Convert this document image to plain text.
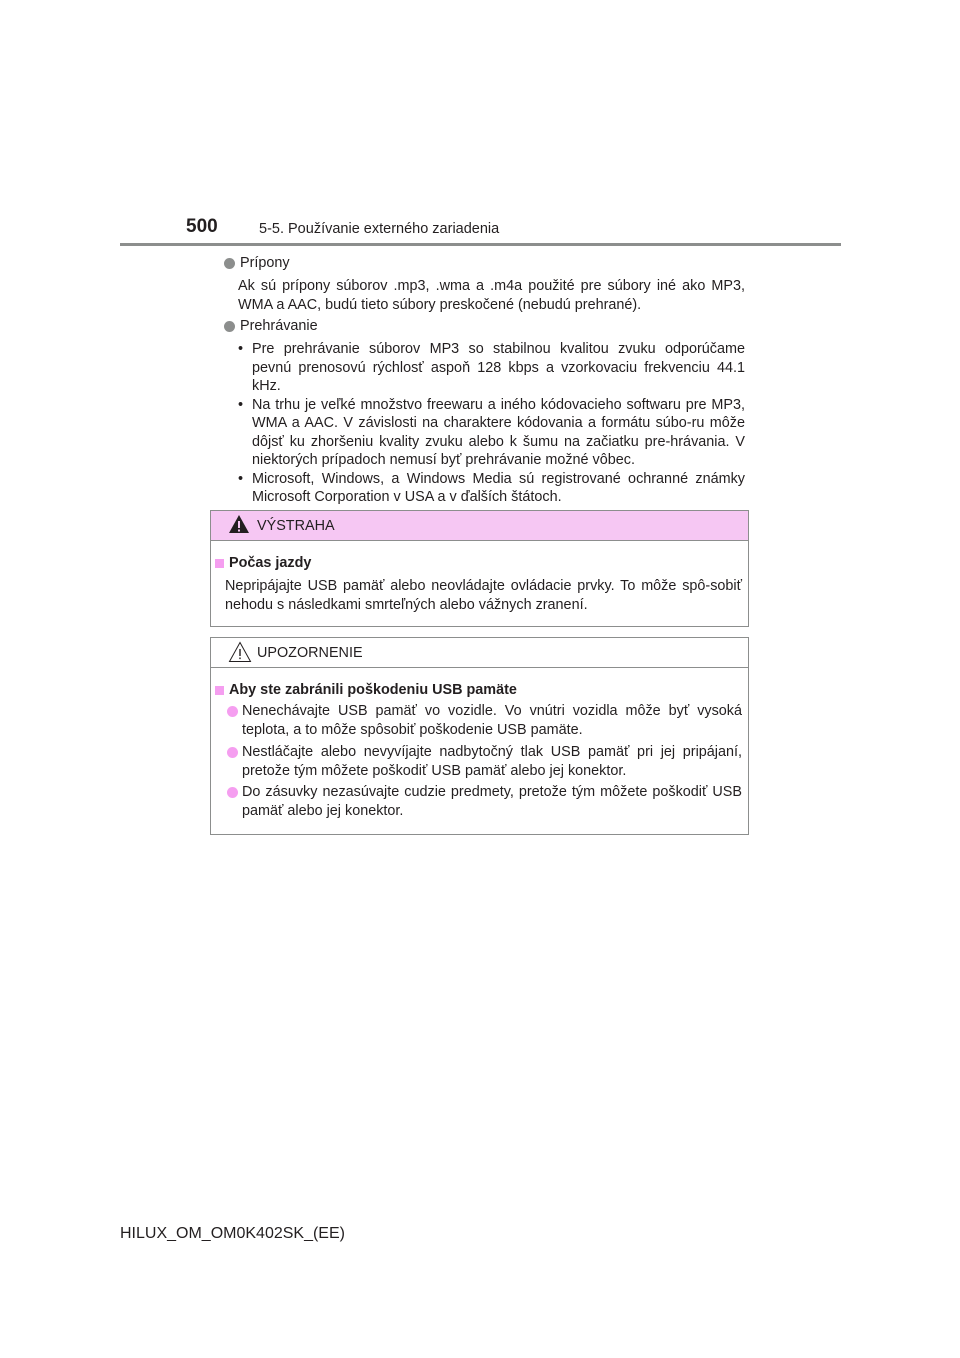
500	5-5. Používanie externého zariadenia
Prípony
Ak sú prípony súborov .mp3, .wma a .m4a použité pre súbory iné ako MP3, WMA a AAC, budú tieto súbory preskočené (nebudú prehrané).
Prehrávanie
• Pre prehrávanie súborov MP3 so stabilnou kvalitou zvuku odporúčame pevnú prenosovú rýchlosť aspoň 128 kbps a vzorkovaciu frekvenciu 44.1 kHz.
• Na trhu je veľké množstvo freewaru a iného kódovacieho softwaru pre MP3, WMA a AAC. V závislosti na charaktere kódovania a formátu súbo-ru môže dôjsť ku zhoršeniu kvality zvuku alebo k šumu na začiatku pre-hrávania. V niektorých prípadoch nemusí byť prehrávanie možné vôbec.
• Microsoft, Windows, a Windows Media sú registrované ochranné známky Microsoft Corporation v USA a v ďalších štátoch.
VÝSTRAHA
Počas jazdy
Nepripájajte USB pamäť alebo neovládajte ovládacie prvky. To môže spô-sobiť nehodu s následkami smrteľných alebo vážnych zranení.
UPOZORNENIE
Aby ste zabránili poškodeniu USB pamäte
Nenechávajte USB pamäť vo vozidle. Vo vnútri vozidla môže byť vysoká teplota, a to môže spôsobiť poškodenie USB pamäte.
Nestláčajte alebo nevyvíjajte nadbytočný tlak USB pamäť pri jej pripájaní, pretože tým môžete poškodiť USB pamäť alebo jej konektor.
Do zásuvky nezasúvajte cudzie predmety, pretože tým môžete poškodiť USB pamäť alebo jej konektor.
HILUX_OM_OM0K402SK_(EE)
